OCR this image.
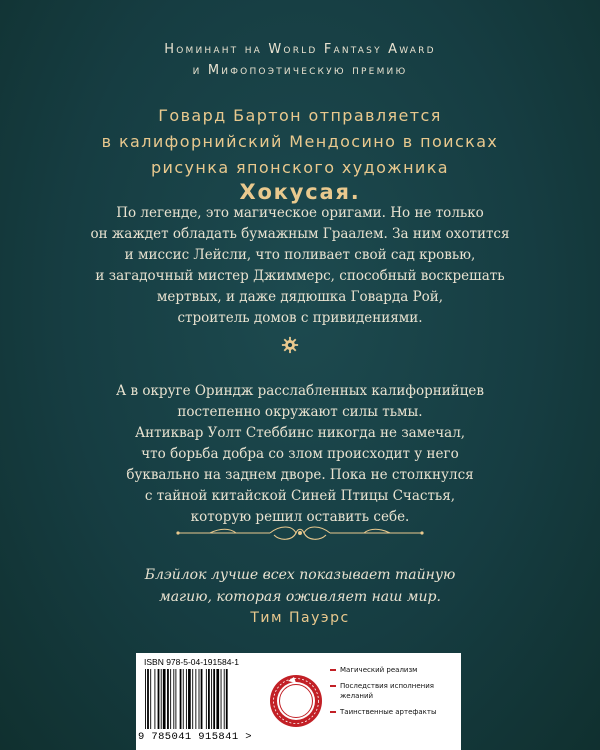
Номинант на World Fantasy Award
и Мифопоэтическую премию
Говард Бартон отправляется
в калифорнийский Мендосино в поисках
рисунка японского художника
Хокусая.
По легенде, это магическое оригами. Но не только
он жаждет обладать бумажным Граалем. За ним охотится
и миссис Лейсли, что поливает свой сад кровью,
и загадочный мистер Джиммерс, способный воскрешать
мертвых, и даже дядюшка Говарда Рой,
строитель домов с привидениями.
А в округе Ориндж расслабленных калифорнийцев
постепенно окружают силы тьмы.
Антиквар Уолт Стеббинс никогда не замечал,
что борьба добра со злом происходит у него
буквально на заднем дворе. Пока не столкнулся
с тайной китайской Синей Птицы Счастья,
которую решил оставить себе.
Блэйлок лучше всех показывает тайную
магию, которая оживляет наш мир.
Тим Пауэрс
ISBN 978-5-04-191584-1
9 785041 915841 >
Магический реализм
Последствия исполнения желаний
Таинственные артефакты
